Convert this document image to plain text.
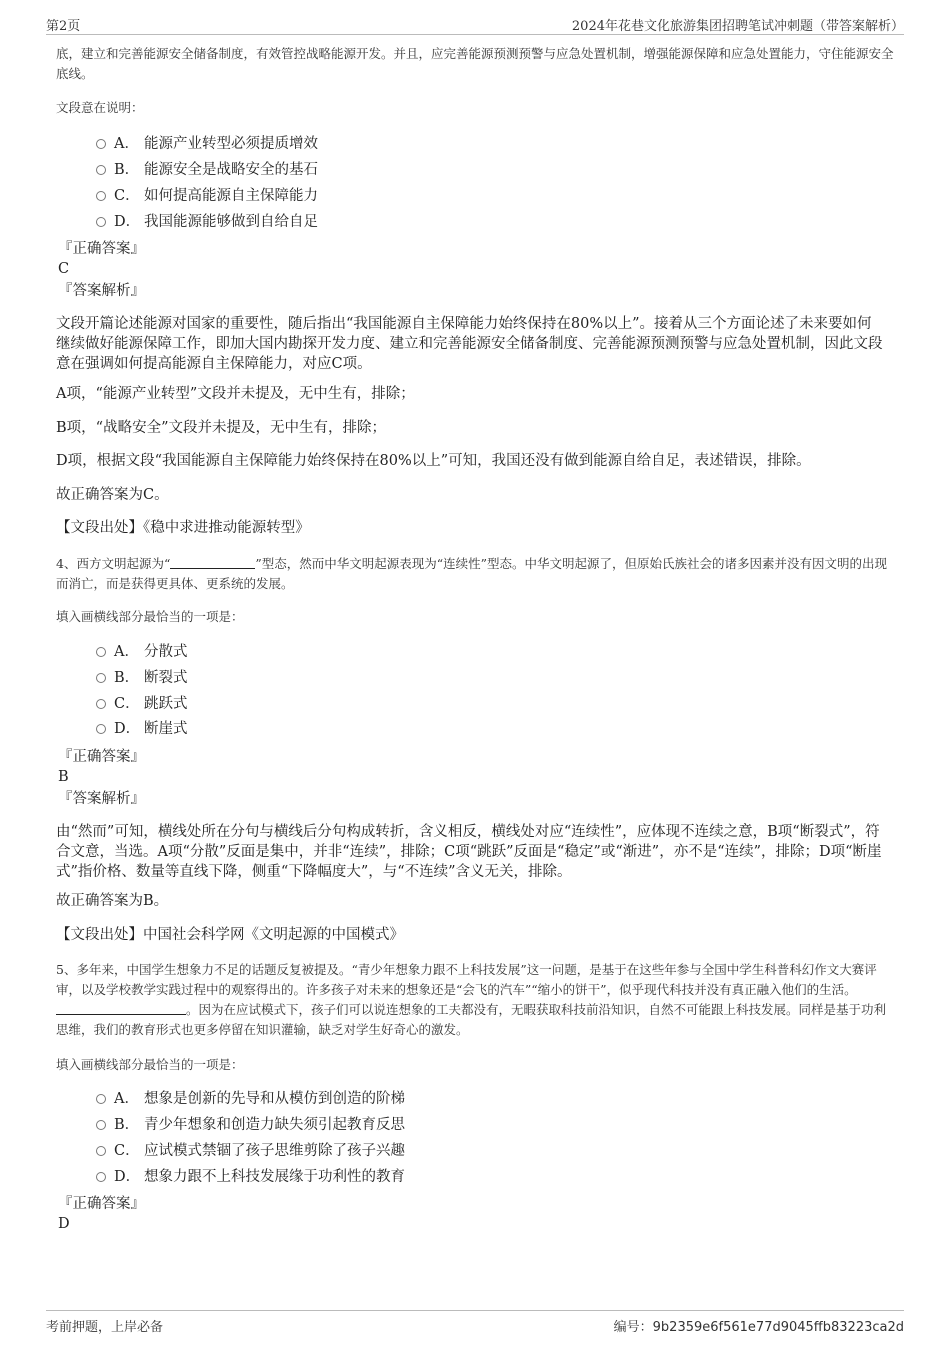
第2页	2024年花巷文化旅游集团招聘笔试冲刺题（带答案解析）
底，建立和完善能源安全储备制度，有效管控战略能源开发。并且，应完善能源预测预警与应急处置机制，增强能源保障和应急处置能力，守住能源安全底线。
文段意在说明：
A． 能源产业转型必须提质增效
B． 能源安全是战略安全的基石
C． 如何提高能源自主保障能力
D． 我国能源能够做到自给自足
『正确答案』
C
『答案解析』
文段开篇论述能源对国家的重要性，随后指出“我国能源自主保障能力始终保持在80%以上”。接着从三个方面论述了未来要如何继续做好能源保障工作，即加大国内勘探开发力度、建立和完善能源安全储备制度、完善能源预测预警与应急处置机制，因此文段意在强调如何提高能源自主保障能力，对应C项。
A项，“能源产业转型”文段并未提及，无中生有，排除；
B项，“战略安全”文段并未提及，无中生有，排除；
D项，根据文段“我国能源自主保障能力始终保持在80%以上”可知，我国还没有做到能源自给自足，表述错误，排除。
故正确答案为C。
【文段出处】《稳中求进推动能源转型》
4、西方文明起源为“	”型态，然而中华文明起源表现为“连续性”型态。中华文明起源了，但原始氏族社会的诸多因素并没有因文明的出现而消亡，而是获得更具体、更系统的发展。
填入画横线部分最恰当的一项是：
A． 分散式
B． 断裂式
C． 跳跃式
D． 断崖式
『正确答案』
B
『答案解析』
由“然而”可知，横线处所在分句与横线后分句构成转折，含义相反，横线处对应“连续性”，应体现不连续之意，B项“断裂式”，符合文意，当选。A项“分散”反面是集中，并非“连续”，排除；C项“跳跃”反面是“稳定”或“渐进”，亦不是“连续”，排除；D项“断崖式”指价格、数量等直线下降，侧重“下降幅度大”，与“不连续”含义无关，排除。
故正确答案为B。
【文段出处】中国社会科学网《文明起源的中国模式》
5、多年来，中国学生想象力不足的话题反复被提及。“青少年想象力跟不上科技发展”这一问题，是基于在这些年参与全国中学生科普科幻作文大赛评审，以及学校教学实践过程中的观察得出的。许多孩子对未来的想象还是“会飞的汽车”“缩小的饼干”，似乎现代科技并没有真正融入他们的生活。。因为在应试模式下，孩子们可以说连想象的工夫都没有，无暇获取科技前沿知识，自然不可能跟上科技发展。同样是基于功利思维，我们的教育形式也更多停留在知识灌输，缺乏对学生好奇心的激发。
填入画横线部分最恰当的一项是：
A． 想象是创新的先导和从模仿到创造的阶梯
B． 青少年想象和创造力缺失须引起教育反思
C． 应试模式禁锢了孩子思维剪除了孩子兴趣
D． 想象力跟不上科技发展缘于功利性的教育
『正确答案』
D
考前押题，上岸必备	编号：9b2359e6f561e77d9045ffb83223ca2d
